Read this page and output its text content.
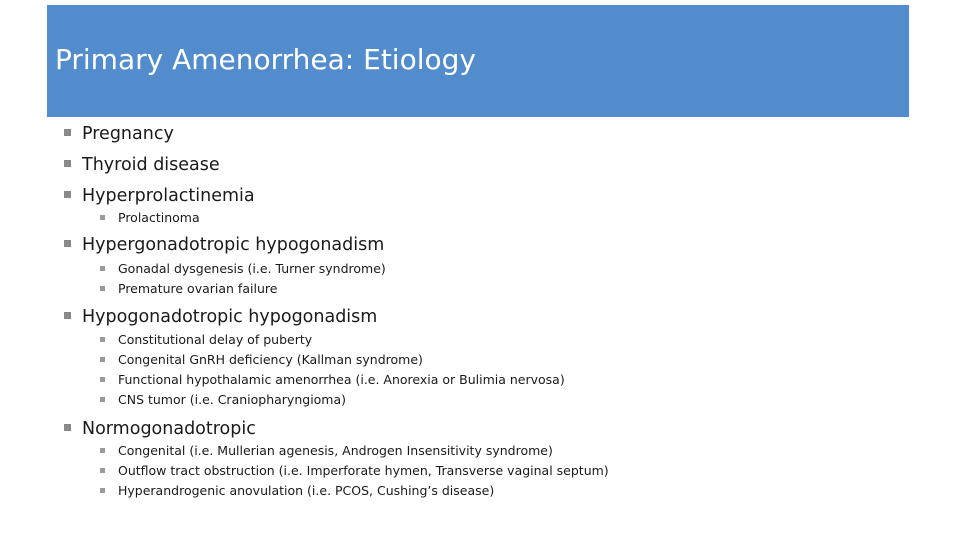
Primary Amenorrhea: Etiology
Pregnancy
Thyroid disease
Hyperprolactinemia
Prolactinoma
Hypergonadotropic hypogonadism
Gonadal dysgenesis (i.e. Turner syndrome)
Premature ovarian failure
Hypogonadotropic hypogonadism
Constitutional delay of puberty
Congenital GnRH deficiency (Kallman syndrome)
Functional hypothalamic amenorrhea (i.e. Anorexia or Bulimia nervosa)
CNS tumor (i.e. Craniopharyngioma)
Normogonadotropic
Congenital (i.e. Mullerian agenesis, Androgen Insensitivity syndrome)
Outflow tract obstruction (i.e. Imperforate hymen, Transverse vaginal septum)
Hyperandrogenic anovulation (i.e. PCOS, Cushing’s disease)
